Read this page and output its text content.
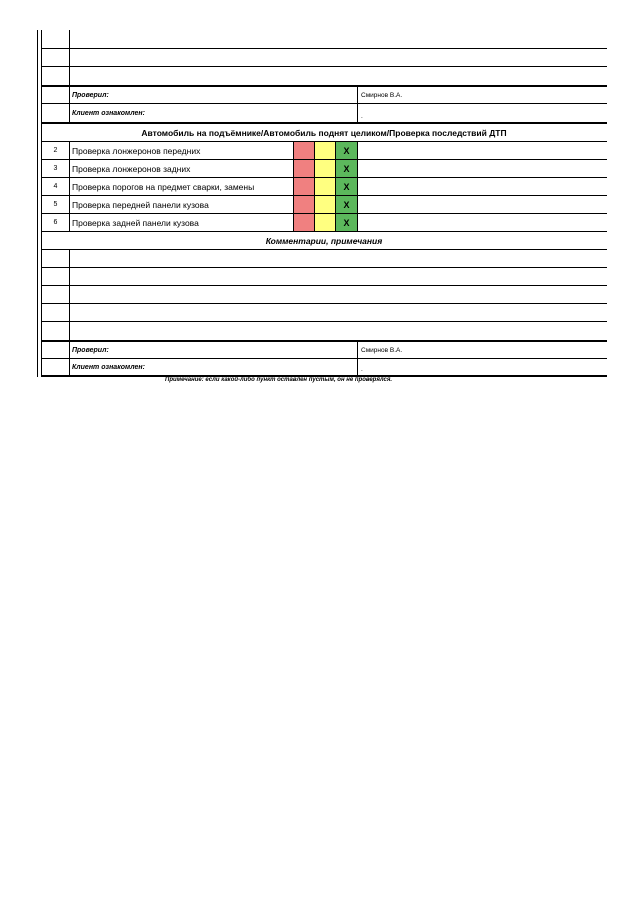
Проверил:	Смирнов В.А.
Клиент ознакомлен:	.
Автомобиль на подъёмнике/Автомобиль поднят целиком/Проверка последствий ДТП
2	Проверка лонжеронов передних	X
3	Проверка лонжеронов задних	X
4	Проверка порогов на предмет сварки, замены	X
5	Проверка передней панели кузова	X
6	Проверка задней панели кузова	X
Комментарии, примечания
Проверил:	Смирнов В.А.
Клиент ознакомлен:	.
Примечание: если какой-либо пункт оставлен пустым, он не проверялся.
